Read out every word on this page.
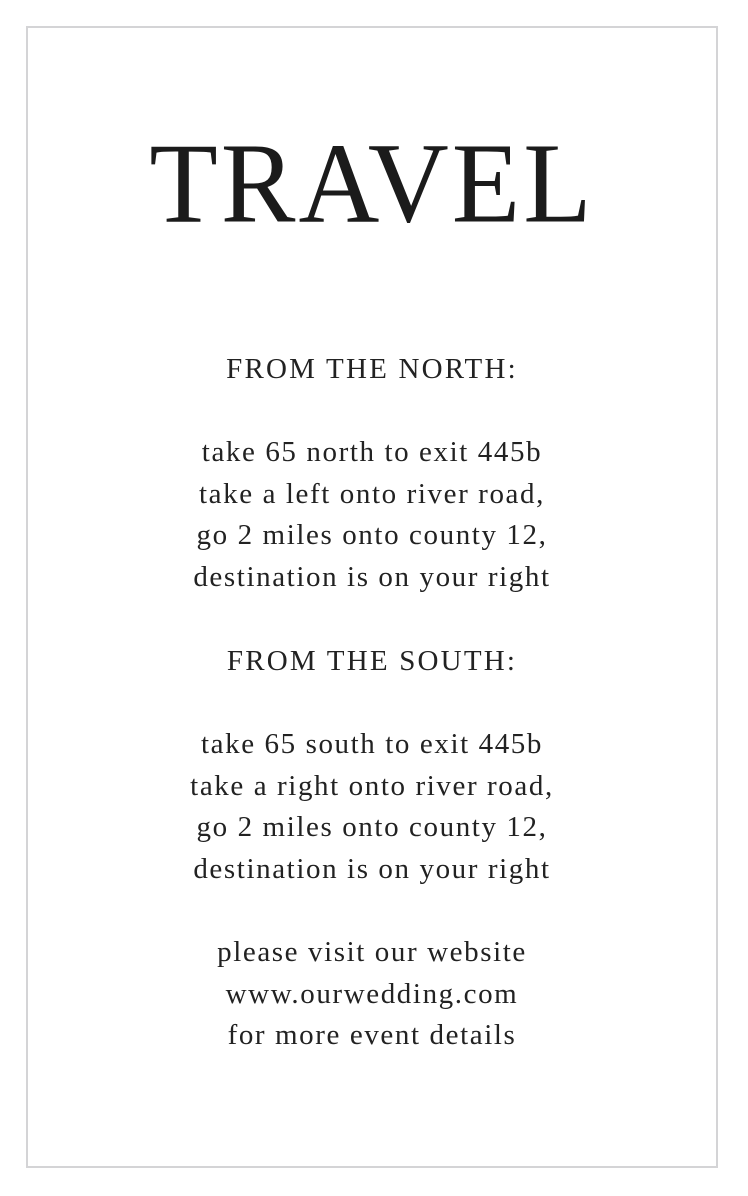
TRAVEL

FROM THE NORTH:

take 65 north to exit 445b
take a left onto river road,
go 2 miles onto county 12,
destination is on your right

FROM THE SOUTH:

take 65 south to exit 445b
take a right onto river road,
go 2 miles onto county 12,
destination is on your right

please visit our website
www.ourwedding.com
for more event details
